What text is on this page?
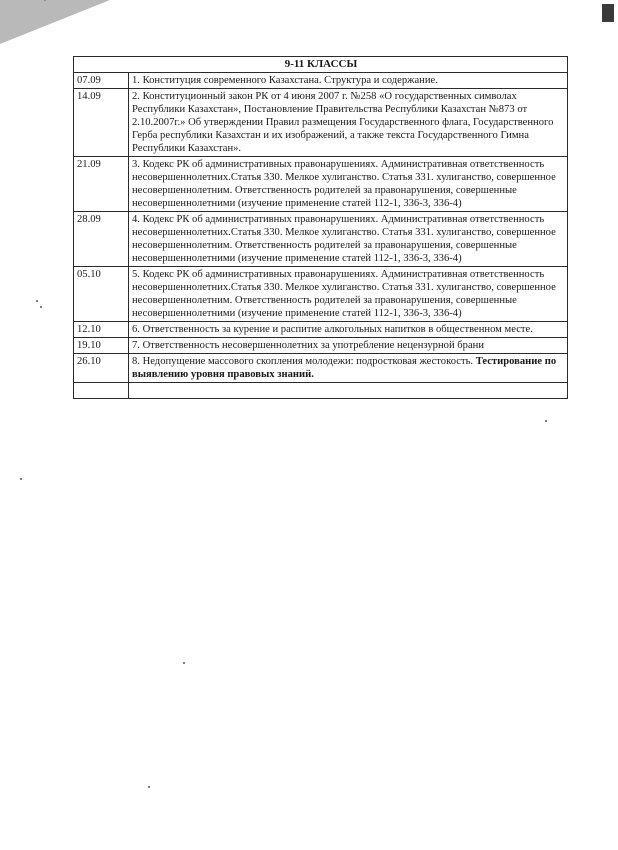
9-11 КЛАССЫ	
07.09	1. Конституция современного Казахстана. Структура и содержание.
14.09	2. Конституционный закон РК от 4 июня 2007 г. №258 «О государственных символах Республики Казахстан», Постановление Правительства Республики Казахстан №873 от 2.10.2007г.» Об утверждении Правил размещения Государственного флага, Государственного Герба республики Казахстан и их изображений, а также текста Государственного Гимна Республики Казахстан».
21.09	3. Кодекс РК об административных правонарушениях. Административная ответственность несовершеннолетних.Статья 330. Мелкое хулиганство. Статья 331. хулиганство, совершенное несовершеннолетним. Ответственность родителей за правонарушения, совершенные несовершеннолетними (изучение применение статей 112-1, 336-3, 336-4)
28.09	4. Кодекс РК об административных правонарушениях. Административная ответственность несовершеннолетних.Статья 330. Мелкое хулиганство. Статья 331. хулиганство, совершенное несовершеннолетним. Ответственность родителей за правонарушения, совершенные несовершеннолетними (изучение применение статей 112-1, 336-3, 336-4)
05.10	5. Кодекс РК об административных правонарушениях. Административная ответственность несовершеннолетних.Статья 330. Мелкое хулиганство. Статья 331. хулиганство, совершенное несовершеннолетним. Ответственность родителей за правонарушения, совершенные несовершеннолетними (изучение применение статей 112-1, 336-3, 336-4)
12.10	6. Ответственность за курение и распитие алкогольных напитков в общественном месте.
19.10	7. Ответственность несовершеннолетних за употребление нецензурной брани
26.10	8. Недопущение массового скопления молодежи: подростковая жестокость. Тестирование по выявлению уровня правовых знаний.
